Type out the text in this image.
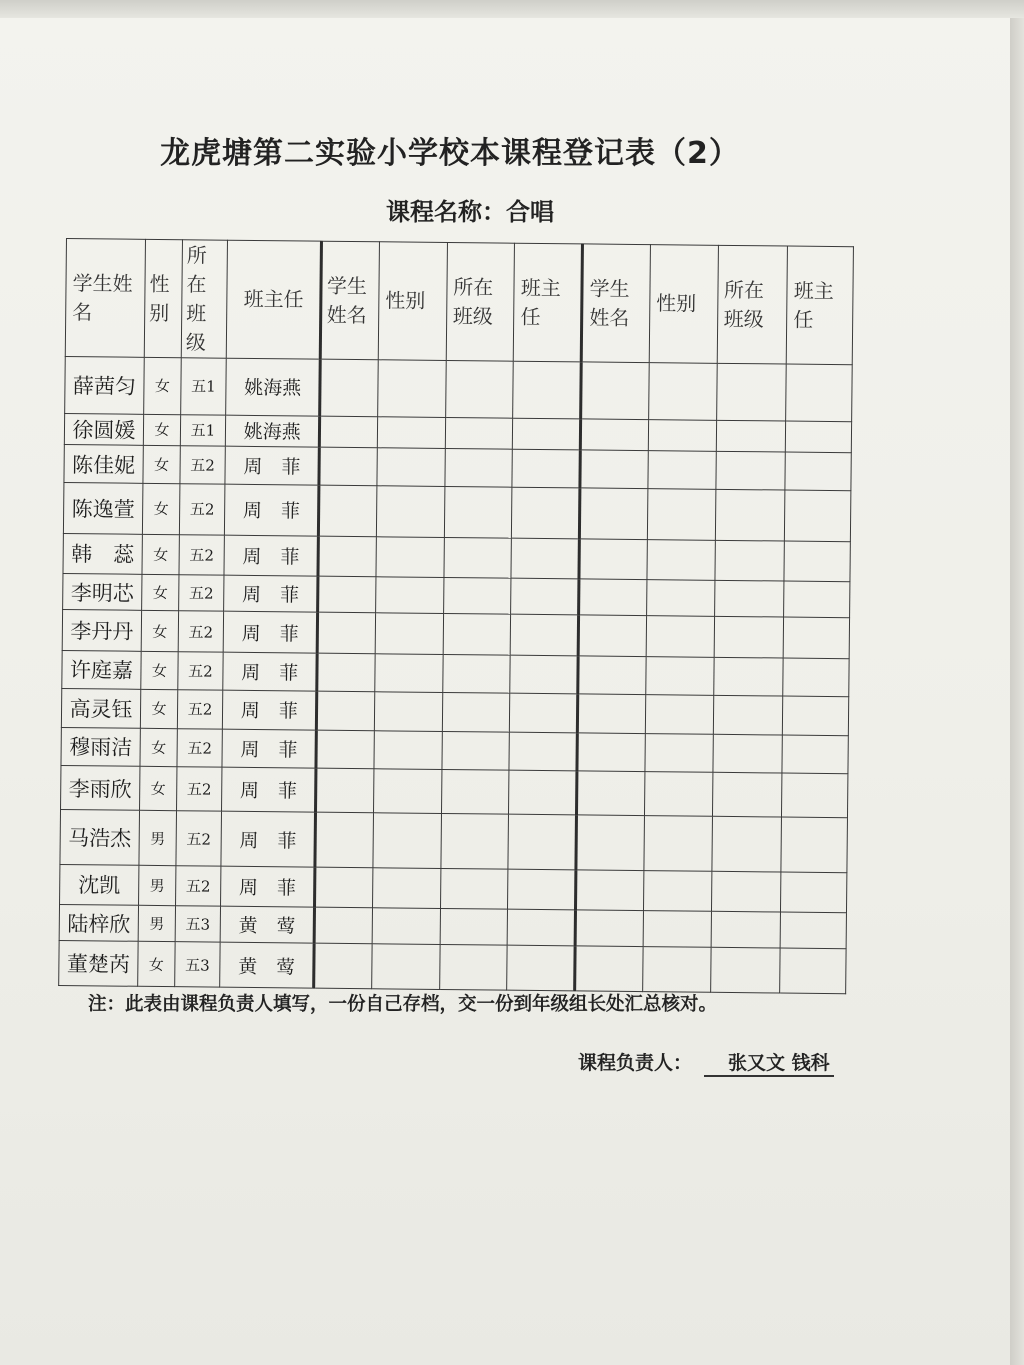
龙虎塘第二实验小学校本课程登记表（2）
课程名称：合唱
学生姓名	性别	所在班级	班主任	学生姓名	性别	所在班级	班主任	学生姓名	性别	所在班级	班主任
薛茜匀	女	五1	姚海燕								
徐圆媛	女	五1	姚海燕								
陈佳妮	女	五2	周　菲								
陈逸萱	女	五2	周　菲								
韩　蕊	女	五2	周　菲								
李明芯	女	五2	周　菲								
李丹丹	女	五2	周　菲								
许庭嘉	女	五2	周　菲								
高灵钰	女	五2	周　菲								
穆雨洁	女	五2	周　菲								
李雨欣	女	五2	周　菲								
马浩杰	男	五2	周　菲								
沈凯	男	五2	周　菲								
陆梓欣	男	五3	黄　莺								
董楚芮	女	五3	黄　莺								
注：此表由课程负责人填写，一份自己存档，交一份到年级组长处汇总核对。
课程负责人： 张又文 钱科
